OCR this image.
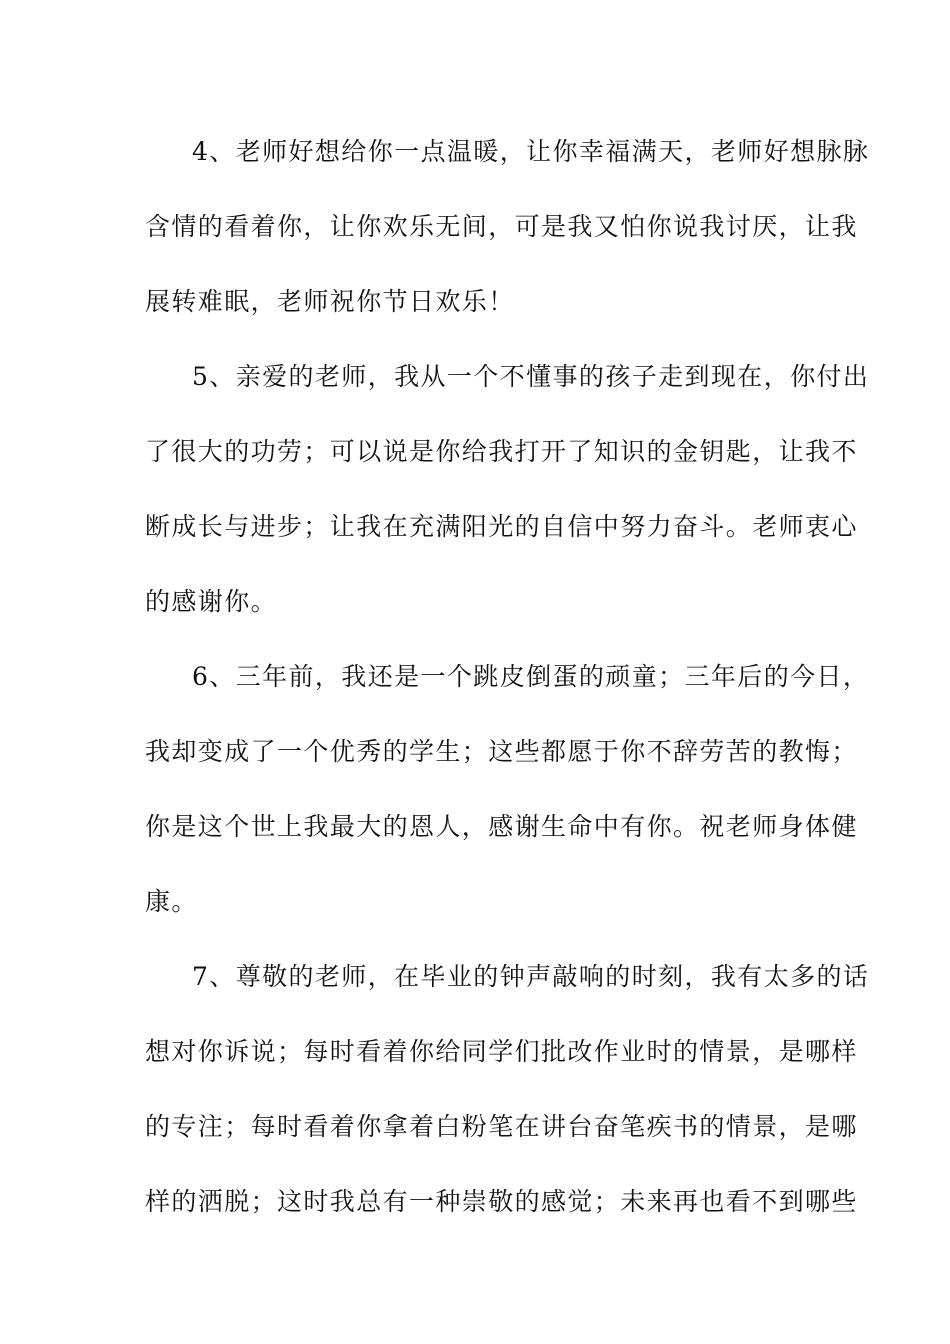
4、老师好想给你一点温暖，让你幸福满天，老师好想脉脉
含情的看着你，让你欢乐无间，可是我又怕你说我讨厌，让我
展转难眠，老师祝你节日欢乐！
5、亲爱的老师，我从一个不懂事的孩子走到现在，你付出
了很大的功劳；可以说是你给我打开了知识的金钥匙，让我不
断成长与进步；让我在充满阳光的自信中努力奋斗。老师衷心
的感谢你。
6、三年前，我还是一个跳皮倒蛋的顽童；三年后的今日，
我却变成了一个优秀的学生；这些都愿于你不辞劳苦的教悔；
你是这个世上我最大的恩人，感谢生命中有你。祝老师身体健
康。
7、尊敬的老师，在毕业的钟声敲响的时刻，我有太多的话
想对你诉说；每时看着你给同学们批改作业时的情景，是哪样
的专注；每时看着你拿着白粉笔在讲台奋笔疾书的情景，是哪
样的洒脱；这时我总有一种崇敬的感觉；未来再也看不到哪些
